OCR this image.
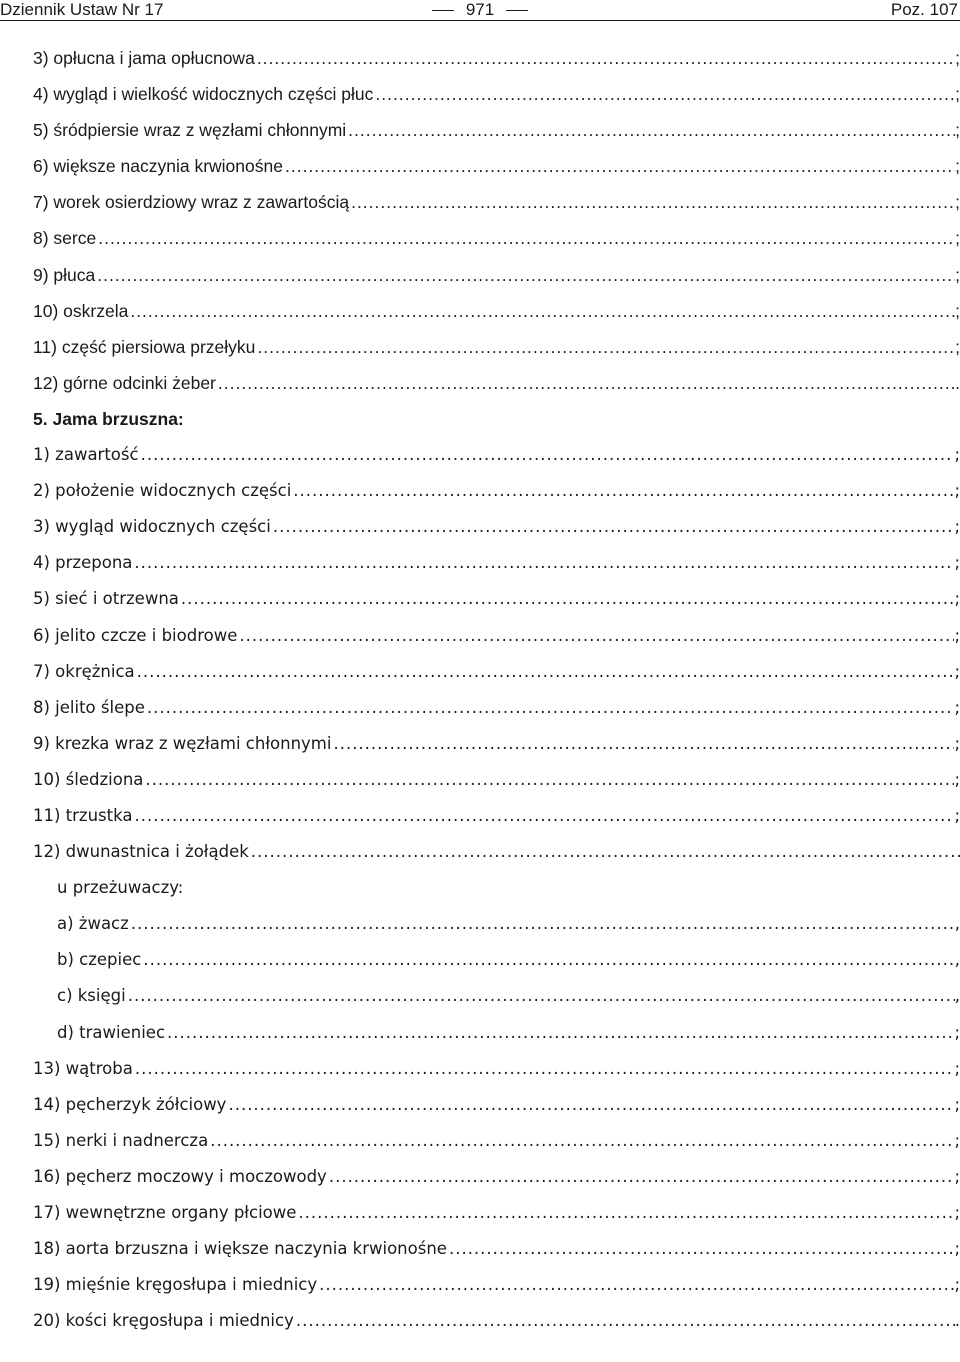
Dziennik Ustaw Nr 17	971	Poz. 107
3) opłucna i jama opłucnowa .....	;
4) wygląd i wielkość widocznych części płuc .....	;
5) śródpiersie wraz z węzłami chłonnymi .....	;
6) większe naczynia krwionośne .....	;
7) worek osierdziowy wraz z zawartością .....	;
8) serce .....	;
9) płuca .....	;
10) oskrzela .....	;
11) część piersiowa przełyku .....	;
12) górne odcinki żeber .....	.
5. Jama brzuszna:
1) zawartość .....	;
2) położenie widocznych części .....	;
3) wygląd widocznych części .....	;
4) przepona .....	;
5) sieć i otrzewna .....	;
6) jelito czcze i biodrowe .....	;
7) okrężnica .....	;
8) jelito ślepe .....	;
9) krezka wraz z węzłami chłonnymi .....	;
10) śledziona .....	;
11) trzustka .....	;
12) dwunastnica i żołądek
.....
u przeżuwaczy:
a) żwacz .....	,
b) czepiec .....	,
c) księgi .....	,
d) trawieniec .....	;
13) wątroba .....	;
14) pęcherzyk żółciowy .....	;
15) nerki i nadnercza .....	;
16) pęcherz moczowy i moczowody .....	;
17) wewnętrzne organy płciowe .....	;
18) aorta brzuszna i większe naczynia krwionośne .....	;
19) mięśnie kręgosłupa i miednicy .....	;
20) kości kręgosłupa i miednicy .....	.
